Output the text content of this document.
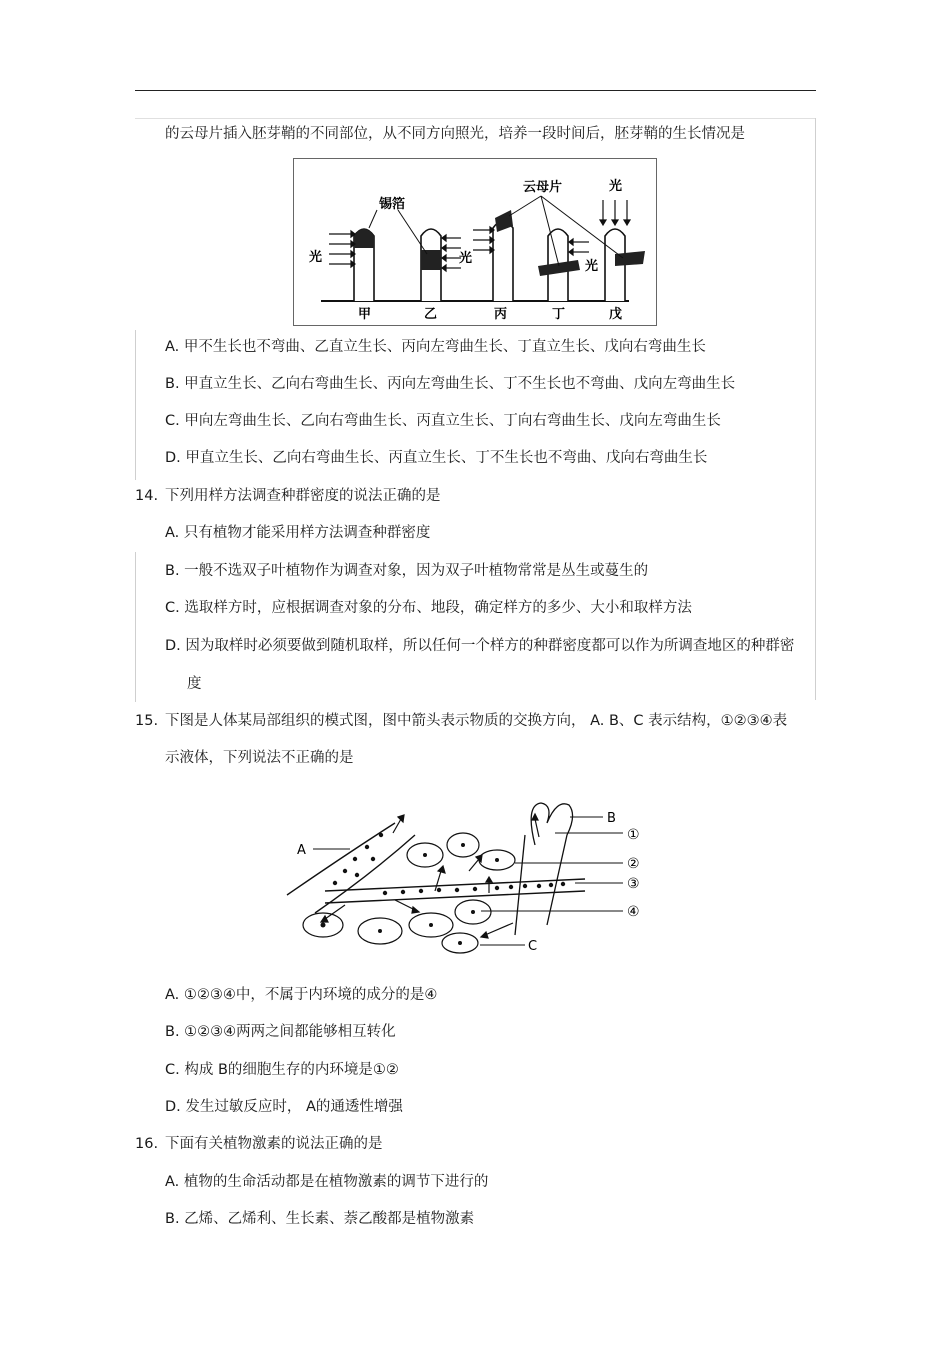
的云母片插入胚芽鞘的不同部位，从不同方向照光，培养一段时间后，胚芽鞘的生长情况是
锡箔
云母片
光	光
光
光
甲	乙	丙	丁	戊
A. 甲不生长也不弯曲、乙直立生长、丙向左弯曲生长、丁直立生长、戊向右弯曲生长
B. 甲直立生长、乙向右弯曲生长、丙向左弯曲生长、丁不生长也不弯曲、戊向左弯曲生长
C. 甲向左弯曲生长、乙向右弯曲生长、丙直立生长、丁向右弯曲生长、戊向左弯曲生长
D. 甲直立生长、乙向右弯曲生长、丙直立生长、丁不生长也不弯曲、戊向右弯曲生长
14. 下列用样方法调查种群密度的说法正确的是
A. 只有植物才能采用样方法调查种群密度
B. 一般不选双子叶植物作为调查对象，因为双子叶植物常常是丛生或蔓生的
C. 选取样方时，应根据调查对象的分布、地段，确定样方的多少、大小和取样方法
D. 因为取样时必须要做到随机取样，所以任何一个样方的种群密度都可以作为所调查地区的种群密
度
15. 下图是人体某局部组织的模式图，图中箭头表示物质的交换方向， A. B、C 表示结构，①②③④表
示液体，下列说法不正确的是
A
B
C
①
②
③
④
A. ①②③④中，不属于内环境的成分的是④
B. ①②③④两两之间都能够相互转化
C. 构成 B的细胞生存的内环境是①②
D. 发生过敏反应时， A的通透性增强
16. 下面有关植物激素的说法正确的是
A. 植物的生命活动都是在植物激素的调节下进行的
B. 乙烯、乙烯利、生长素、萘乙酸都是植物激素
